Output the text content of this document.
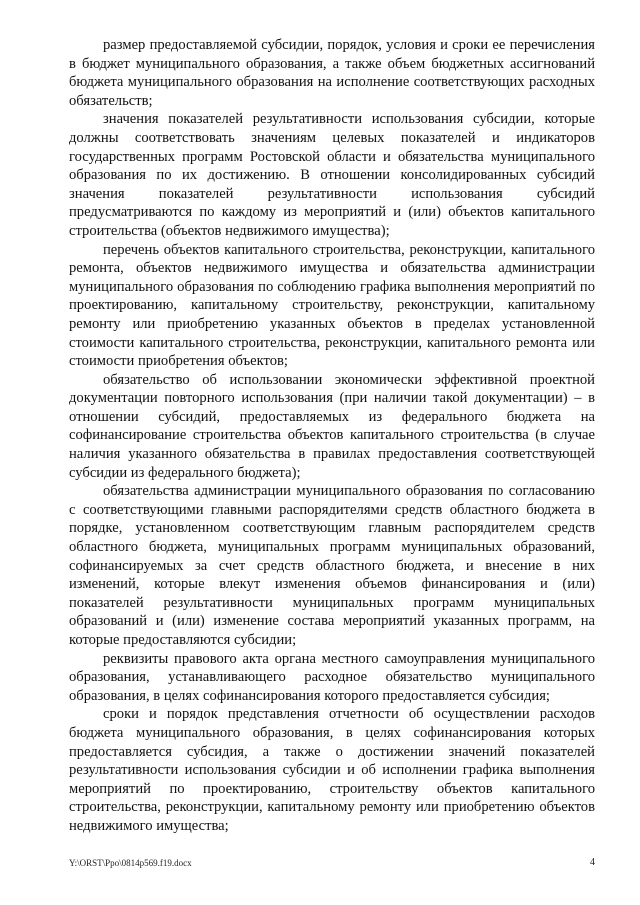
размер предоставляемой субсидии, порядок, условия и сроки ее перечисления в бюджет муниципального образования, а также объем бюджетных ассигнований бюджета муниципального образования на исполнение соответствующих расходных обязательств;

значения показателей результативности использования субсидии, которые должны соответствовать значениям целевых показателей и индикаторов государственных программ Ростовской области и обязательства муниципального образования по их достижению. В отношении консолидированных субсидий значения показателей результативности использования субсидий предусматриваются по каждому из мероприятий и (или) объектов капитального строительства (объектов недвижимого имущества);

перечень объектов капитального строительства, реконструкции, капитального ремонта, объектов недвижимого имущества и обязательства администрации муниципального образования по соблюдению графика выполнения мероприятий по проектированию, капитальному строительству, реконструкции, капитальному ремонту или приобретению указанных объектов в пределах установленной стоимости капитального строительства, реконструкции, капитального ремонта или стоимости приобретения объектов;

обязательство об использовании экономически эффективной проектной документации повторного использования (при наличии такой документации) – в отношении субсидий, предоставляемых из федерального бюджета на софинансирование строительства объектов капитального строительства (в случае наличия указанного обязательства в правилах предоставления соответствующей субсидии из федерального бюджета);

обязательства администрации муниципального образования по согласованию с соответствующими главными распорядителями средств областного бюджета в порядке, установленном соответствующим главным распорядителем средств областного бюджета, муниципальных программ муниципальных образований, софинансируемых за счет средств областного бюджета, и внесение в них изменений, которые влекут изменения объемов финансирования и (или) показателей результативности муниципальных программ муниципальных образований и (или) изменение состава мероприятий указанных программ, на которые предоставляются субсидии;

реквизиты правового акта органа местного самоуправления муниципального образования, устанавливающего расходное обязательство муниципального образования, в целях софинансирования которого предоставляется субсидия;

сроки и порядок представления отчетности об осуществлении расходов бюджета муниципального образования, в целях софинансирования которых предоставляется субсидия, а также о достижении значений показателей результативности использования субсидии и об исполнении графика выполнения мероприятий по проектированию, строительству объектов капитального строительства, реконструкции, капитальному ремонту или приобретению объектов недвижимого имущества;

Y:\ORST\Ppo\0814p569.f19.docx	4
